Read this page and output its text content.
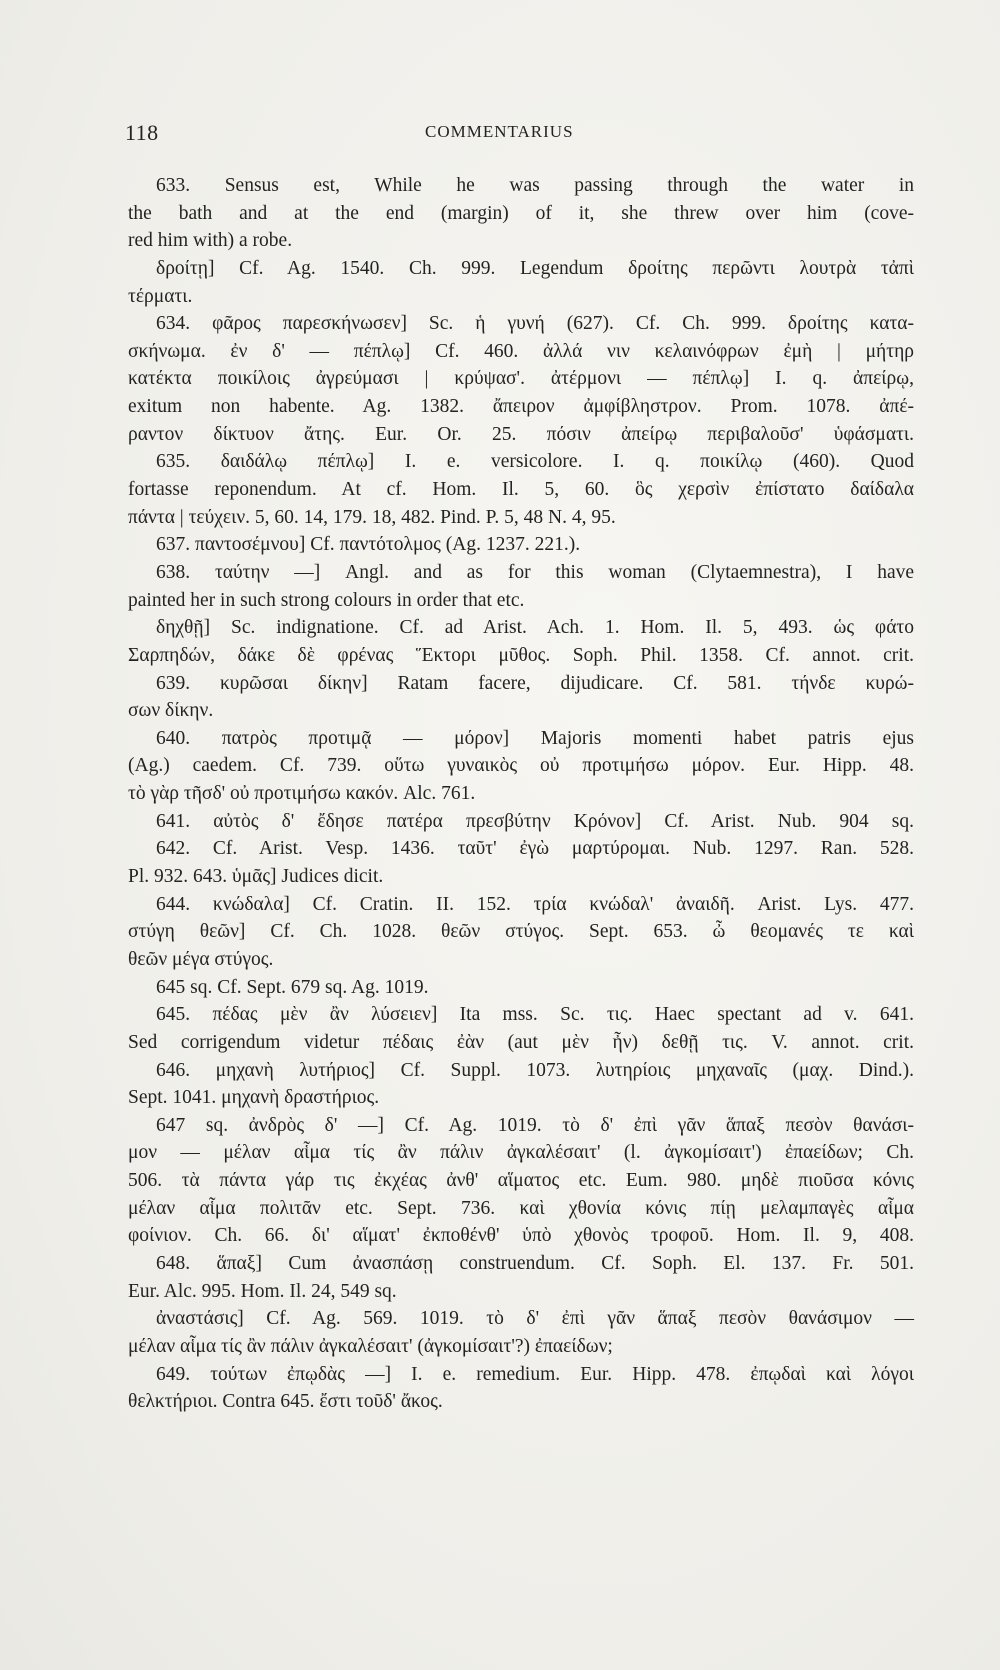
118	COMMENTARIUS
633. Sensus est, While he was passing through the water in
the bath and at the end (margin) of it, she threw over him (cove-
red him with) a robe.
δροίτῃ] Cf. Ag. 1540. Ch. 999. Legendum δροίτης περῶντι λουτρὰ τἀπὶ
τέρματι.
634. φᾶρος παρεσκήνωσεν] Sc. ἡ γυνή (627). Cf. Ch. 999. δροίτης κατα-
σκήνωμα. ἐν δ' — πέπλῳ] Cf. 460. ἀλλά νιν κελαινόφρων ἐμὴ | μήτηρ
κατέκτα ποικίλοις ἀγρεύμασι | κρύψασ'. ἀτέρμονι — πέπλῳ] I. q. ἀπείρῳ,
exitum non habente. Ag. 1382. ἄπειρον ἀμφίβληστρον. Prom. 1078. ἀπέ-
ραντον δίκτυον ἄτης. Eur. Or. 25. πόσιν ἀπείρῳ περιβαλοῦσ' ὑφάσματι.
635. δαιδάλῳ πέπλῳ] I. e. versicolore. I. q. ποικίλῳ (460). Quod
fortasse reponendum. At cf. Hom. Il. 5, 60. ὃς χερσὶν ἐπίστατο δαίδαλα
πάντα | τεύχειν. 5, 60. 14, 179. 18, 482. Pind. P. 5, 48 N. 4, 95.
637. παντοσέμνου] Cf. παντότολμος (Ag. 1237. 221.).
638. ταύτην —] Angl. and as for this woman (Clytaemnestra), I have
painted her in such strong colours in order that etc.
δηχθῇ] Sc. indignatione. Cf. ad Arist. Ach. 1. Hom. Il. 5, 493. ὡς φάτο
Σαρπηδών, δάκε δὲ φρένας Ἕκτορι μῦθος. Soph. Phil. 1358. Cf. annot. crit.
639. κυρῶσαι δίκην] Ratam facere, dijudicare. Cf. 581. τήνδε κυρώ-
σων δίκην.
640. πατρὸς προτιμᾷ — μόρον] Majoris momenti habet patris ejus
(Ag.) caedem. Cf. 739. οὕτω γυναικὸς οὐ προτιμήσω μόρον. Eur. Hipp. 48.
τὸ γὰρ τῆσδ' οὐ προτιμήσω κακόν. Alc. 761.
641. αὐτὸς δ' ἔδησε πατέρα πρεσβύτην Κρόνον] Cf. Arist. Nub. 904 sq.
642. Cf. Arist. Vesp. 1436. ταῦτ' ἐγὼ μαρτύρομαι. Nub. 1297. Ran. 528.
Pl. 932. 643. ὑμᾶς] Judices dicit.
644. κνώδαλα] Cf. Cratin. II. 152. τρία κνώδαλ' ἀναιδῆ. Arist. Lys. 477.
στύγη θεῶν] Cf. Ch. 1028. θεῶν στύγος. Sept. 653. ὦ θεομανές τε καὶ
θεῶν μέγα στύγος.
645 sq. Cf. Sept. 679 sq. Ag. 1019.
645. πέδας μὲν ἂν λύσειεν] Ita mss. Sc. τις. Haec spectant ad v. 641.
Sed corrigendum videtur πέδαις ἐὰν (aut μὲν ἦν) δεθῇ τις. V. annot. crit.
646. μηχανὴ λυτήριος] Cf. Suppl. 1073. λυτηρίοις μηχαναῖς (μαχ. Dind.).
Sept. 1041. μηχανὴ δραστήριος.
647 sq. ἀνδρὸς δ' —] Cf. Ag. 1019. τὸ δ' ἐπὶ γᾶν ἅπαξ πεσὸν θανάσι-
μον — μέλαν αἷμα τίς ἂν πάλιν ἀγκαλέσαιτ' (l. ἀγκομίσαιτ') ἐπαείδων; Ch.
506. τὰ πάντα γάρ τις ἐκχέας ἀνθ' αἵματος etc. Eum. 980. μηδὲ πιοῦσα κόνις
μέλαν αἷμα πολιτᾶν etc. Sept. 736. καὶ χθονία κόνις πίῃ μελαμπαγὲς αἷμα
φοίνιον. Ch. 66. δι' αἵματ' ἐκποθένθ' ὑπὸ χθονὸς τροφοῦ. Hom. Il. 9, 408.
648. ἅπαξ] Cum ἀνασπάσῃ construendum. Cf. Soph. El. 137. Fr. 501.
Eur. Alc. 995. Hom. Il. 24, 549 sq.
ἀναστάσις] Cf. Ag. 569. 1019. τὸ δ' ἐπὶ γᾶν ἅπαξ πεσὸν θανάσιμον —
μέλαν αἷμα τίς ἂν πάλιν ἀγκαλέσαιτ' (ἀγκομίσαιτ'?) ἐπαείδων;
649. τούτων ἐπῳδὰς —] I. e. remedium. Eur. Hipp. 478. ἐπῳδαὶ καὶ λόγοι
θελκτήριοι. Contra 645. ἔστι τοῦδ' ἄκος.
